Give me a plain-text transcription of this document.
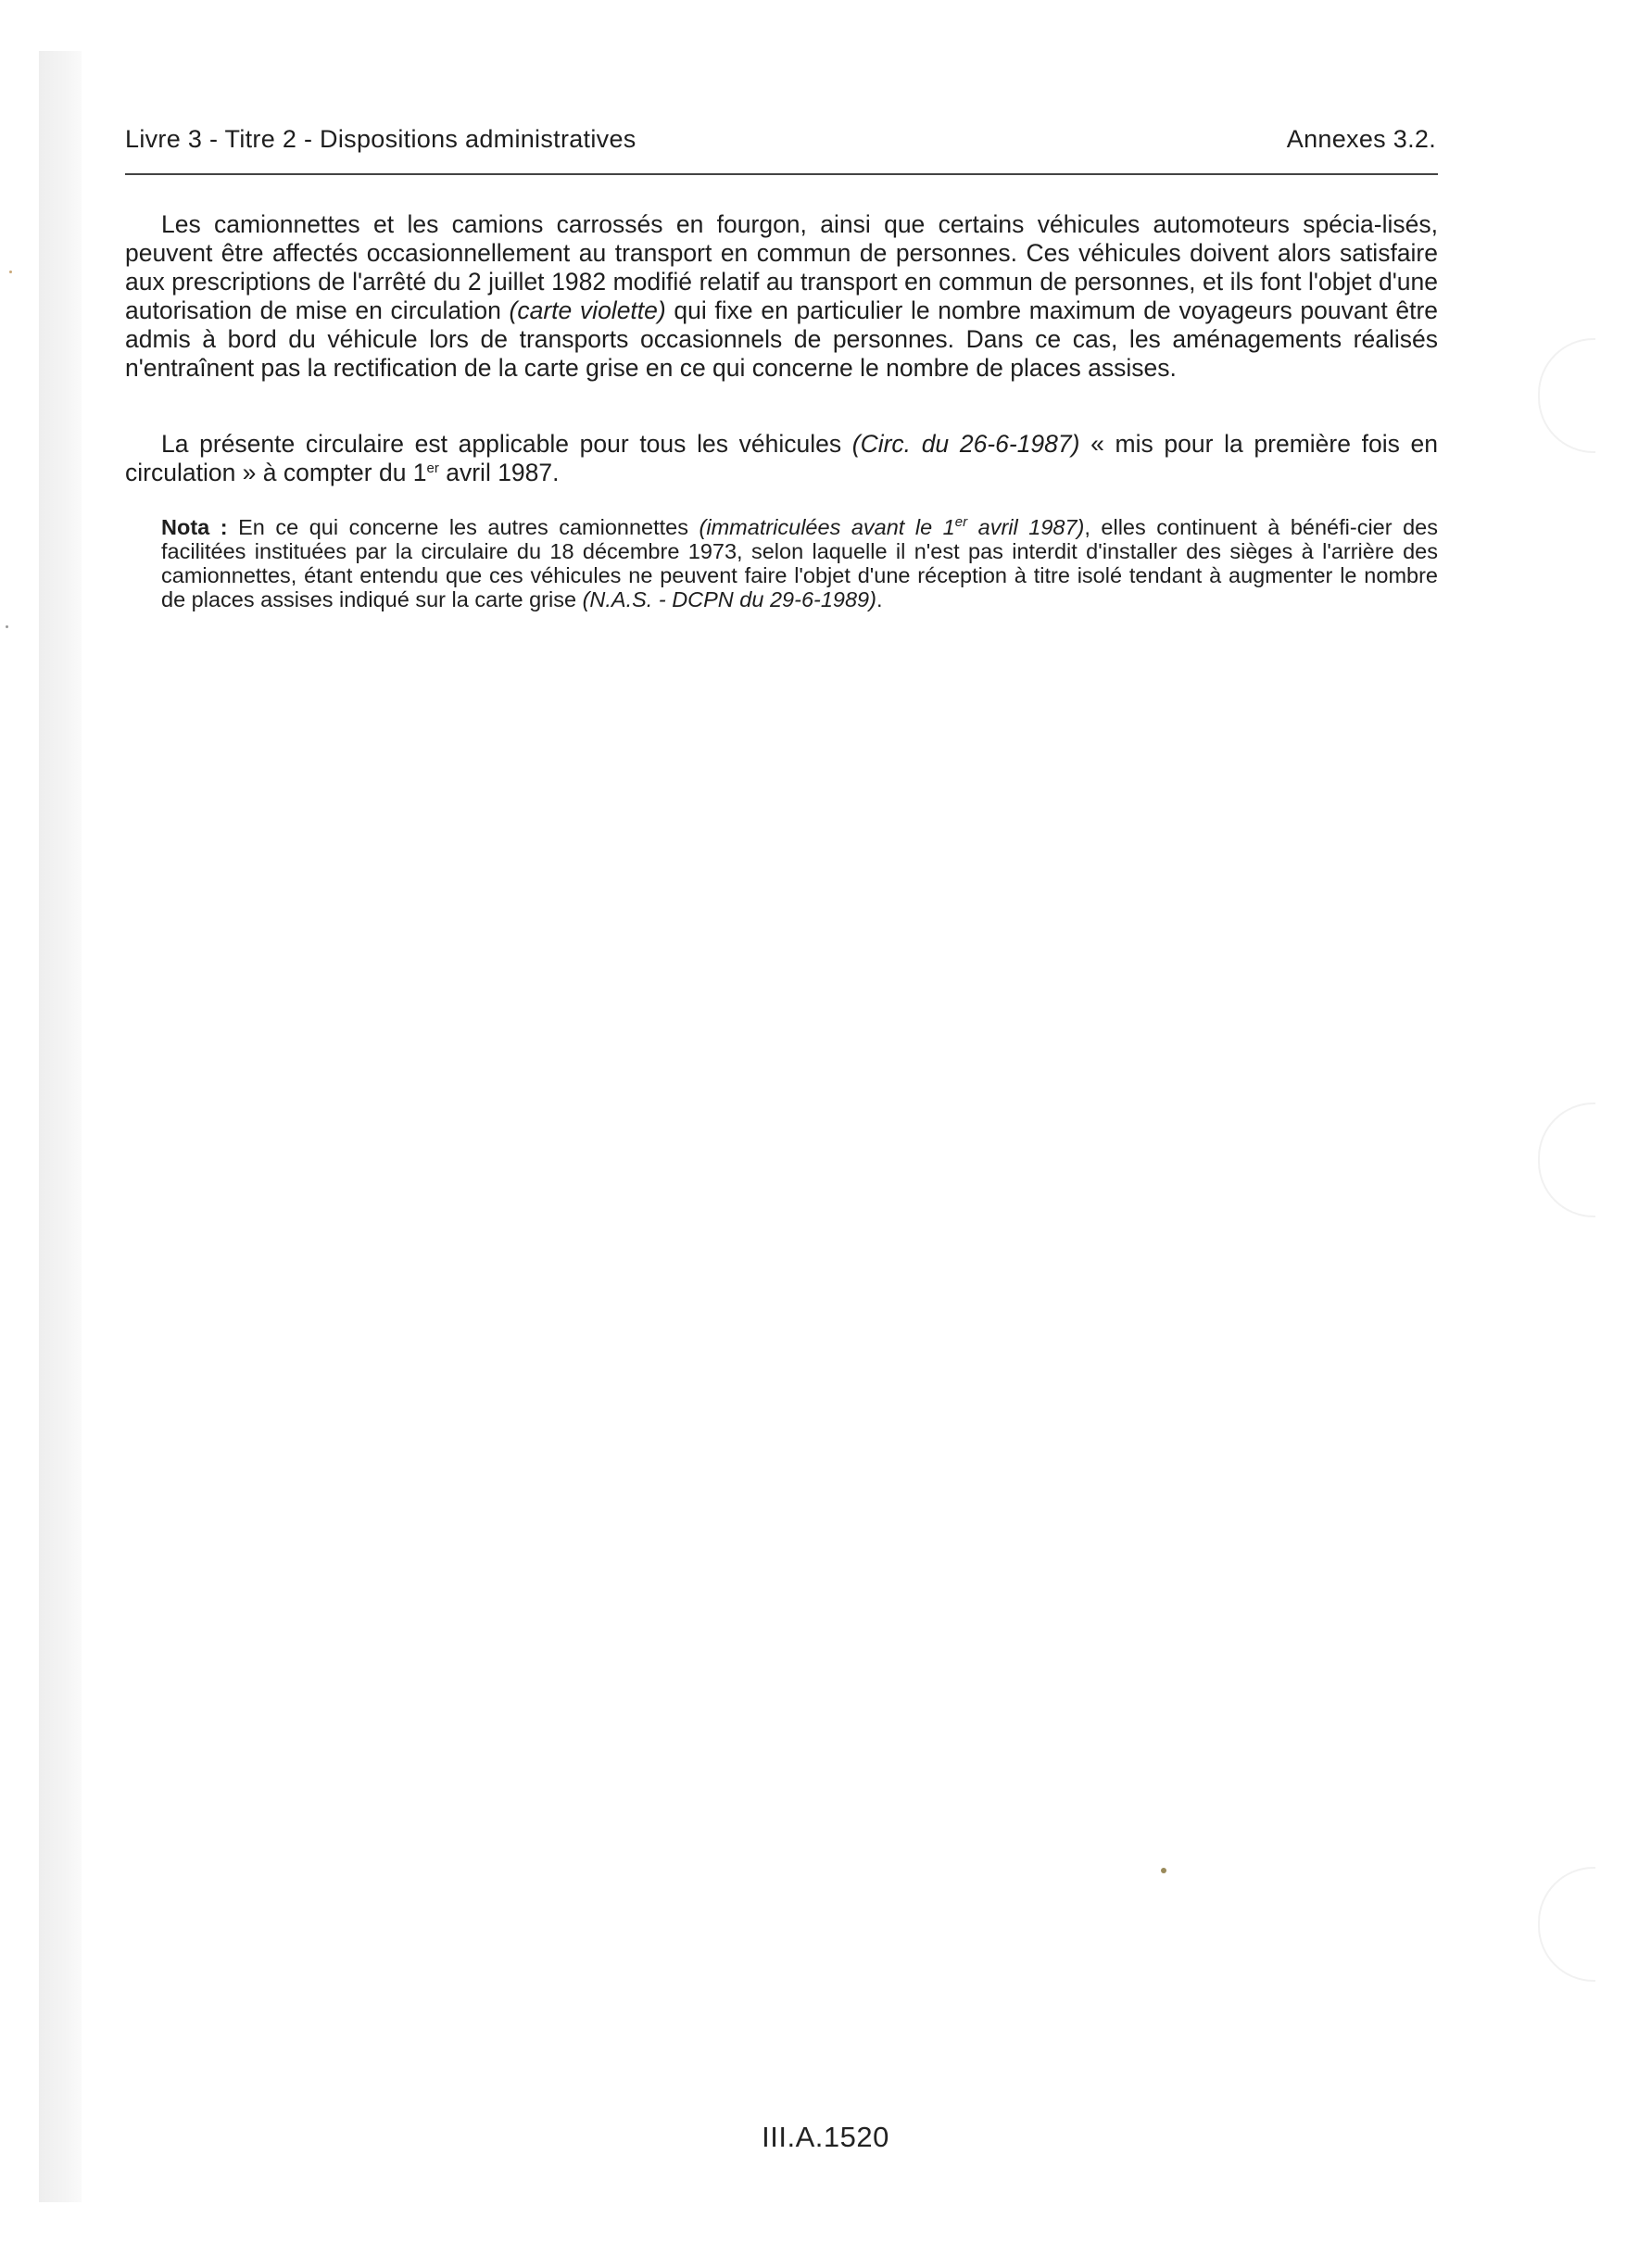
Livre 3 - Titre 2 - Dispositions administratives	Annexes 3.2.

Les camionnettes et les camions carrossés en fourgon, ainsi que certains véhicules automoteurs spécia-lisés, peuvent être affectés occasionnellement au transport en commun de personnes. Ces véhicules doivent alors satisfaire aux prescriptions de l'arrêté du 2 juillet 1982 modifié relatif au transport en commun de personnes, et ils font l'objet d'une autorisation de mise en circulation (carte violette) qui fixe en particulier le nombre maximum de voyageurs pouvant être admis à bord du véhicule lors de transports occasionnels de personnes. Dans ce cas, les aménagements réalisés n'entraînent pas la rectification de la carte grise en ce qui concerne le nombre de places assises.

La présente circulaire est applicable pour tous les véhicules (Circ. du 26-6-1987) « mis pour la première fois en circulation » à compter du 1er avril 1987.

Nota : En ce qui concerne les autres camionnettes (immatriculées avant le 1er avril 1987), elles continuent à bénéfi-cier des facilitées instituées par la circulaire du 18 décembre 1973, selon laquelle il n'est pas interdit d'installer des sièges à l'arrière des camionnettes, étant entendu que ces véhicules ne peuvent faire l'objet d'une réception à titre isolé tendant à augmenter le nombre de places assises indiqué sur la carte grise (N.A.S. - DCPN du 29-6-1989).

III.A.1520
